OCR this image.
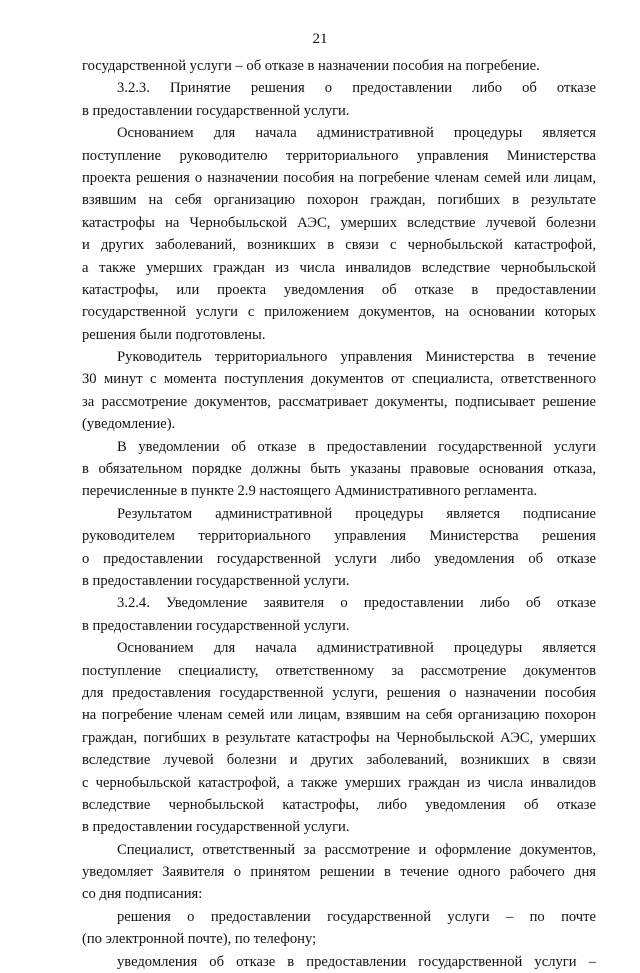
21
государственной услуги – об отказе в назначении пособия на погребение.
3.2.3. Принятие решения о предоставлении либо об отказе
в предоставлении государственной услуги.
Основанием для начала административной процедуры является
поступление руководителю территориального управления Министерства
проекта решения о назначении пособия на погребение членам семей или лицам,
взявшим на себя организацию похорон граждан, погибших в результате
катастрофы на Чернобыльской АЭС, умерших вследствие лучевой болезни
и других заболеваний, возникших в связи с чернобыльской катастрофой,
а также умерших граждан из числа инвалидов вследствие чернобыльской
катастрофы, или проекта уведомления об отказе в предоставлении
государственной услуги с приложением документов, на основании которых
решения были подготовлены.
Руководитель территориального управления Министерства в течение
30 минут с момента поступления документов от специалиста, ответственного
за рассмотрение документов, рассматривает документы, подписывает решение
(уведомление).
В уведомлении об отказе в предоставлении государственной услуги
в обязательном порядке должны быть указаны правовые основания отказа,
перечисленные в пункте 2.9 настоящего Административного регламента.
Результатом административной процедуры является подписание
руководителем территориального управления Министерства решения
о предоставлении государственной услуги либо уведомления об отказе
в предоставлении государственной услуги.
3.2.4. Уведомление заявителя о предоставлении либо об отказе
в предоставлении государственной услуги.
Основанием для начала административной процедуры является
поступление специалисту, ответственному за рассмотрение документов
для предоставления государственной услуги, решения о назначении пособия
на погребение членам семей или лицам, взявшим на себя организацию похорон
граждан, погибших в результате катастрофы на Чернобыльской АЭС, умерших
вследствие лучевой болезни и других заболеваний, возникших в связи
с чернобыльской катастрофой, а также умерших граждан из числа инвалидов
вследствие чернобыльской катастрофы, либо уведомления об отказе
в предоставлении государственной услуги.
Специалист, ответственный за рассмотрение и оформление документов,
уведомляет Заявителя о принятом решении в течение одного рабочего дня
со дня подписания:
решения о предоставлении государственной услуги – по почте
(по электронной почте), по телефону;
уведомления об отказе в предоставлении государственной услуги –
